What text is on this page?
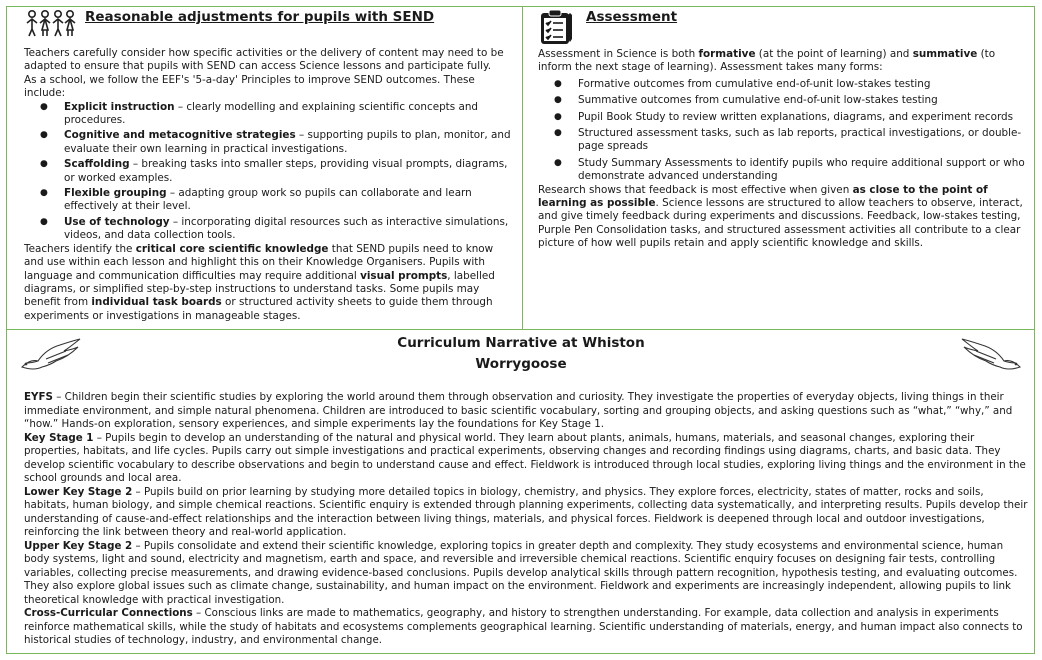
Reasonable adjustments for pupils with SEND

Teachers carefully consider how specific activities or the delivery of content may need to be adapted to ensure that pupils with SEND can access Science lessons and participate fully.

As a school, we follow the EEF's '5-a-day' Principles to improve SEND outcomes. These include:

● Explicit instruction – clearly modelling and explaining scientific concepts and procedures.
● Cognitive and metacognitive strategies – supporting pupils to plan, monitor, and evaluate their own learning in practical investigations.
● Scaffolding – breaking tasks into smaller steps, providing visual prompts, diagrams, or worked examples.
● Flexible grouping – adapting group work so pupils can collaborate and learn effectively at their level.
● Use of technology – incorporating digital resources such as interactive simulations, videos, and data collection tools.

Teachers identify the critical core scientific knowledge that SEND pupils need to know and use within each lesson and highlight this on their Knowledge Organisers. Pupils with language and communication difficulties may require additional visual prompts, labelled diagrams, or simplified step-by-step instructions to understand tasks. Some pupils may benefit from individual task boards or structured activity sheets to guide them through experiments or investigations in manageable stages.

Assessment

Assessment in Science is both formative (at the point of learning) and summative (to inform the next stage of learning). Assessment takes many forms:

● Formative outcomes from cumulative end-of-unit low-stakes testing
● Summative outcomes from cumulative end-of-unit low-stakes testing
● Pupil Book Study to review written explanations, diagrams, and experiment records
● Structured assessment tasks, such as lab reports, practical investigations, or double-page spreads
● Study Summary Assessments to identify pupils who require additional support or who demonstrate advanced understanding

Research shows that feedback is most effective when given as close to the point of learning as possible. Science lessons are structured to allow teachers to observe, interact, and give timely feedback during experiments and discussions. Feedback, low-stakes testing, Purple Pen Consolidation tasks, and structured assessment activities all contribute to a clear picture of how well pupils retain and apply scientific knowledge and skills.

Curriculum Narrative at Whiston
Worrygoose

EYFS – Children begin their scientific studies by exploring the world around them through observation and curiosity. They investigate the properties of everyday objects, living things in their immediate environment, and simple natural phenomena. Children are introduced to basic scientific vocabulary, sorting and grouping objects, and asking questions such as “what,” “why,” and “how.” Hands-on exploration, sensory experiences, and simple experiments lay the foundations for Key Stage 1.

Key Stage 1 – Pupils begin to develop an understanding of the natural and physical world. They learn about plants, animals, humans, materials, and seasonal changes, exploring their properties, habitats, and life cycles. Pupils carry out simple investigations and practical experiments, observing changes and recording findings using diagrams, charts, and basic data. They develop scientific vocabulary to describe observations and begin to understand cause and effect. Fieldwork is introduced through local studies, exploring living things and the environment in the school grounds and local area.

Lower Key Stage 2 – Pupils build on prior learning by studying more detailed topics in biology, chemistry, and physics. They explore forces, electricity, states of matter, rocks and soils, habitats, human biology, and simple chemical reactions. Scientific enquiry is extended through planning experiments, collecting data systematically, and interpreting results. Pupils develop their understanding of cause-and-effect relationships and the interaction between living things, materials, and physical forces. Fieldwork is deepened through local and outdoor investigations, reinforcing the link between theory and real-world application.

Upper Key Stage 2 – Pupils consolidate and extend their scientific knowledge, exploring topics in greater depth and complexity. They study ecosystems and environmental science, human body systems, light and sound, electricity and magnetism, earth and space, and reversible and irreversible chemical reactions. Scientific enquiry focuses on designing fair tests, controlling variables, collecting precise measurements, and drawing evidence-based conclusions. Pupils develop analytical skills through pattern recognition, hypothesis testing, and evaluating outcomes. They also explore global issues such as climate change, sustainability, and human impact on the environment. Fieldwork and experiments are increasingly independent, allowing pupils to link theoretical knowledge with practical investigation.

Cross-Curricular Connections – Conscious links are made to mathematics, geography, and history to strengthen understanding. For example, data collection and analysis in experiments reinforce mathematical skills, while the study of habitats and ecosystems complements geographical learning. Scientific understanding of materials, energy, and human impact also connects to historical studies of technology, industry, and environmental change.
